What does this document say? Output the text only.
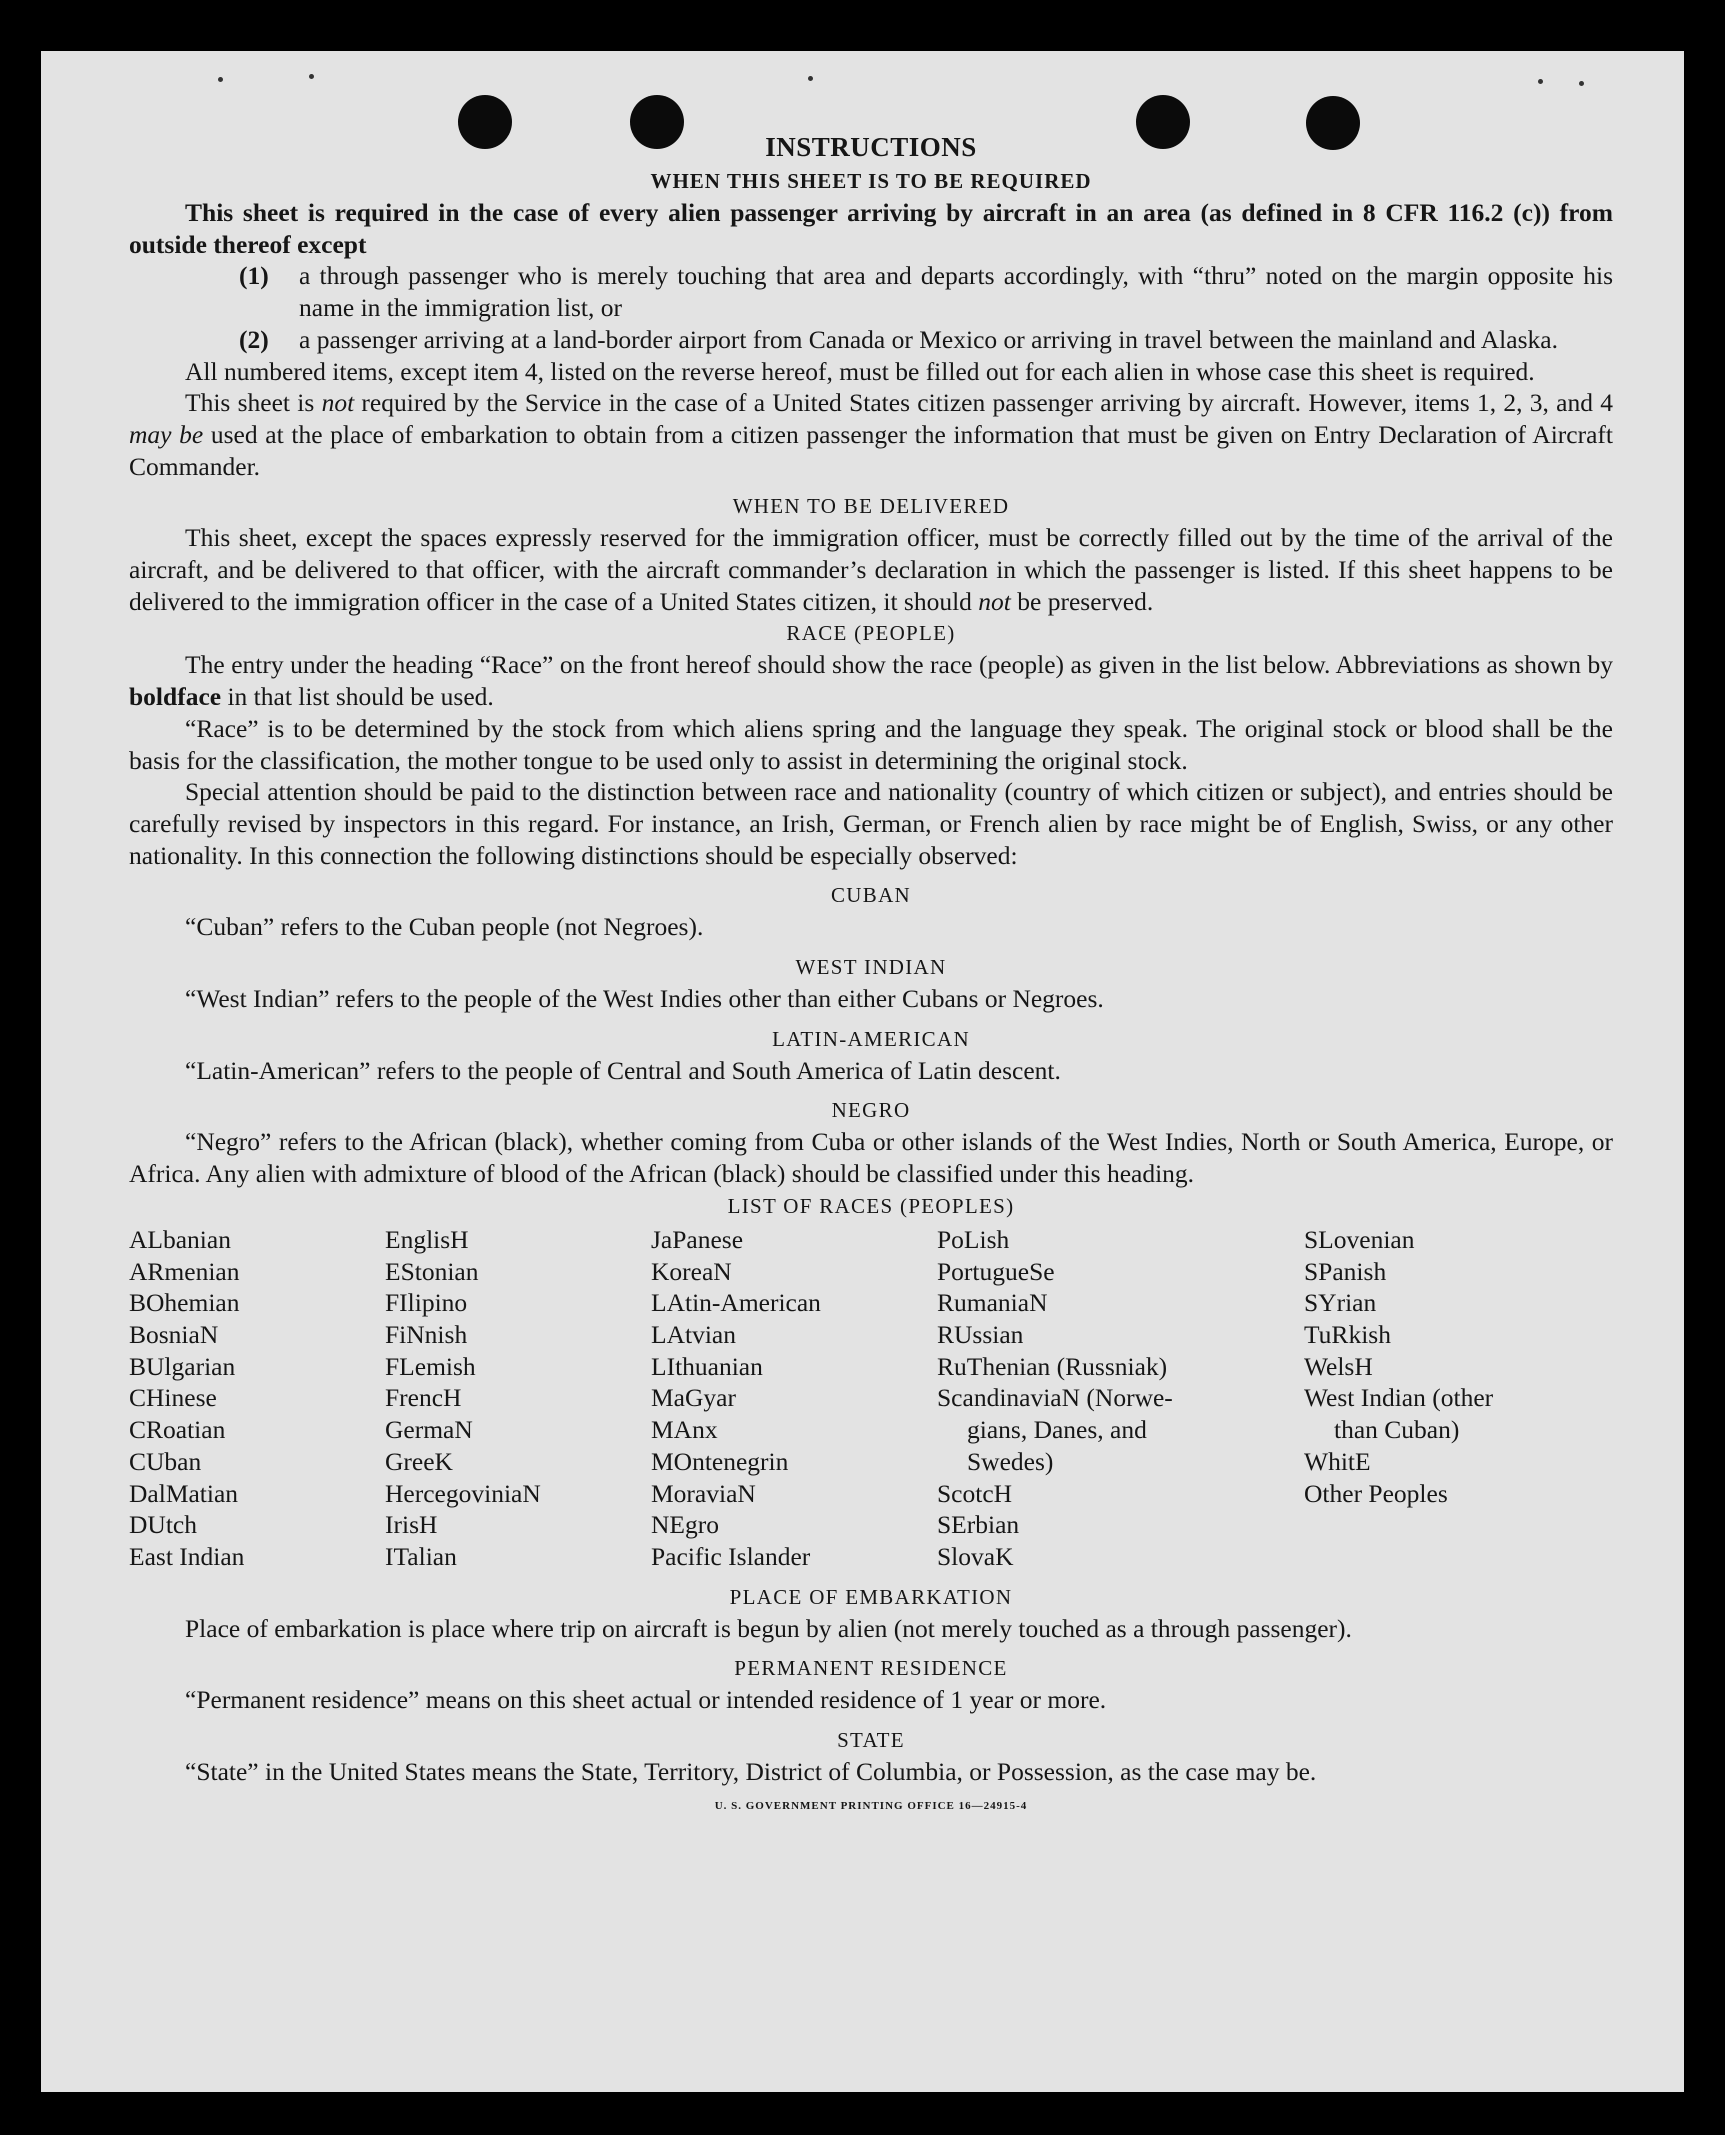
INSTRUCTIONS
WHEN THIS SHEET IS TO BE REQUIRED
This sheet is required in the case of every alien passenger arriving by aircraft in an area (as defined in 8 CFR 116.2 (c)) from outside thereof except
(1)	a through passenger who is merely touching that area and departs accordingly, with “thru” noted on the margin opposite his name in the immigration list, or
(2)	a passenger arriving at a land-border airport from Canada or Mexico or arriving in travel between the mainland and Alaska.
All numbered items, except item 4, listed on the reverse hereof, must be filled out for each alien in whose case this sheet is required.
This sheet is not required by the Service in the case of a United States citizen passenger arriving by aircraft. However, items 1, 2, 3, and 4 may be used at the place of embarkation to obtain from a citizen passenger the information that must be given on Entry Declaration of Aircraft Commander.
WHEN TO BE DELIVERED
This sheet, except the spaces expressly reserved for the immigration officer, must be correctly filled out by the time of the arrival of the aircraft, and be delivered to that officer, with the aircraft commander’s declaration in which the passenger is listed. If this sheet happens to be delivered to the immigration officer in the case of a United States citizen, it should not be preserved.
RACE (PEOPLE)
The entry under the heading “Race” on the front hereof should show the race (people) as given in the list below. Abbreviations as shown by boldface in that list should be used.
“Race” is to be determined by the stock from which aliens spring and the language they speak. The original stock or blood shall be the basis for the classification, the mother tongue to be used only to assist in determining the original stock.
Special attention should be paid to the distinction between race and nationality (country of which citizen or subject), and entries should be carefully revised by inspectors in this regard. For instance, an Irish, German, or French alien by race might be of English, Swiss, or any other nationality. In this connection the following distinctions should be especially observed:
CUBAN
“Cuban” refers to the Cuban people (not Negroes).
WEST INDIAN
“West Indian” refers to the people of the West Indies other than either Cubans or Negroes.
LATIN-AMERICAN
“Latin-American” refers to the people of Central and South America of Latin descent.
NEGRO
“Negro” refers to the African (black), whether coming from Cuba or other islands of the West Indies, North or South America, Europe, or Africa. Any alien with admixture of blood of the African (black) should be classified under this heading.
LIST OF RACES (PEOPLES)
ALbanian
ARmenian
BOhemian
BosniaN
BUlgarian
CHinese
CRoatian
CUban
DalMatian
DUtch
East Indian
EnglisH
EStonian
FIlipino
FiNnish
FLemish
FrencH
GermaN
GreeK
HercegoviniaN
IrisH
ITalian
JaPanese
KoreaN
LAtin-American
LAtvian
LIthuanian
MaGyar
MAnx
MOntenegrin
MoraviaN
NEgro
Pacific Islander
PoLish
PortugueSe
RumaniaN
RUssian
RuThenian (Russniak)
ScandinaviaN (Norwe-
gians, Danes, and
Swedes)
ScotcH
SErbian
SlovaK
SLovenian
SPanish
SYrian
TuRkish
WelsH
West Indian (other
than Cuban)
WhitE
Other Peoples
PLACE OF EMBARKATION
Place of embarkation is place where trip on aircraft is begun by alien (not merely touched as a through passenger).
PERMANENT RESIDENCE
“Permanent residence” means on this sheet actual or intended residence of 1 year or more.
STATE
“State” in the United States means the State, Territory, District of Columbia, or Possession, as the case may be.
U. S. GOVERNMENT PRINTING OFFICE 16—24915-4
